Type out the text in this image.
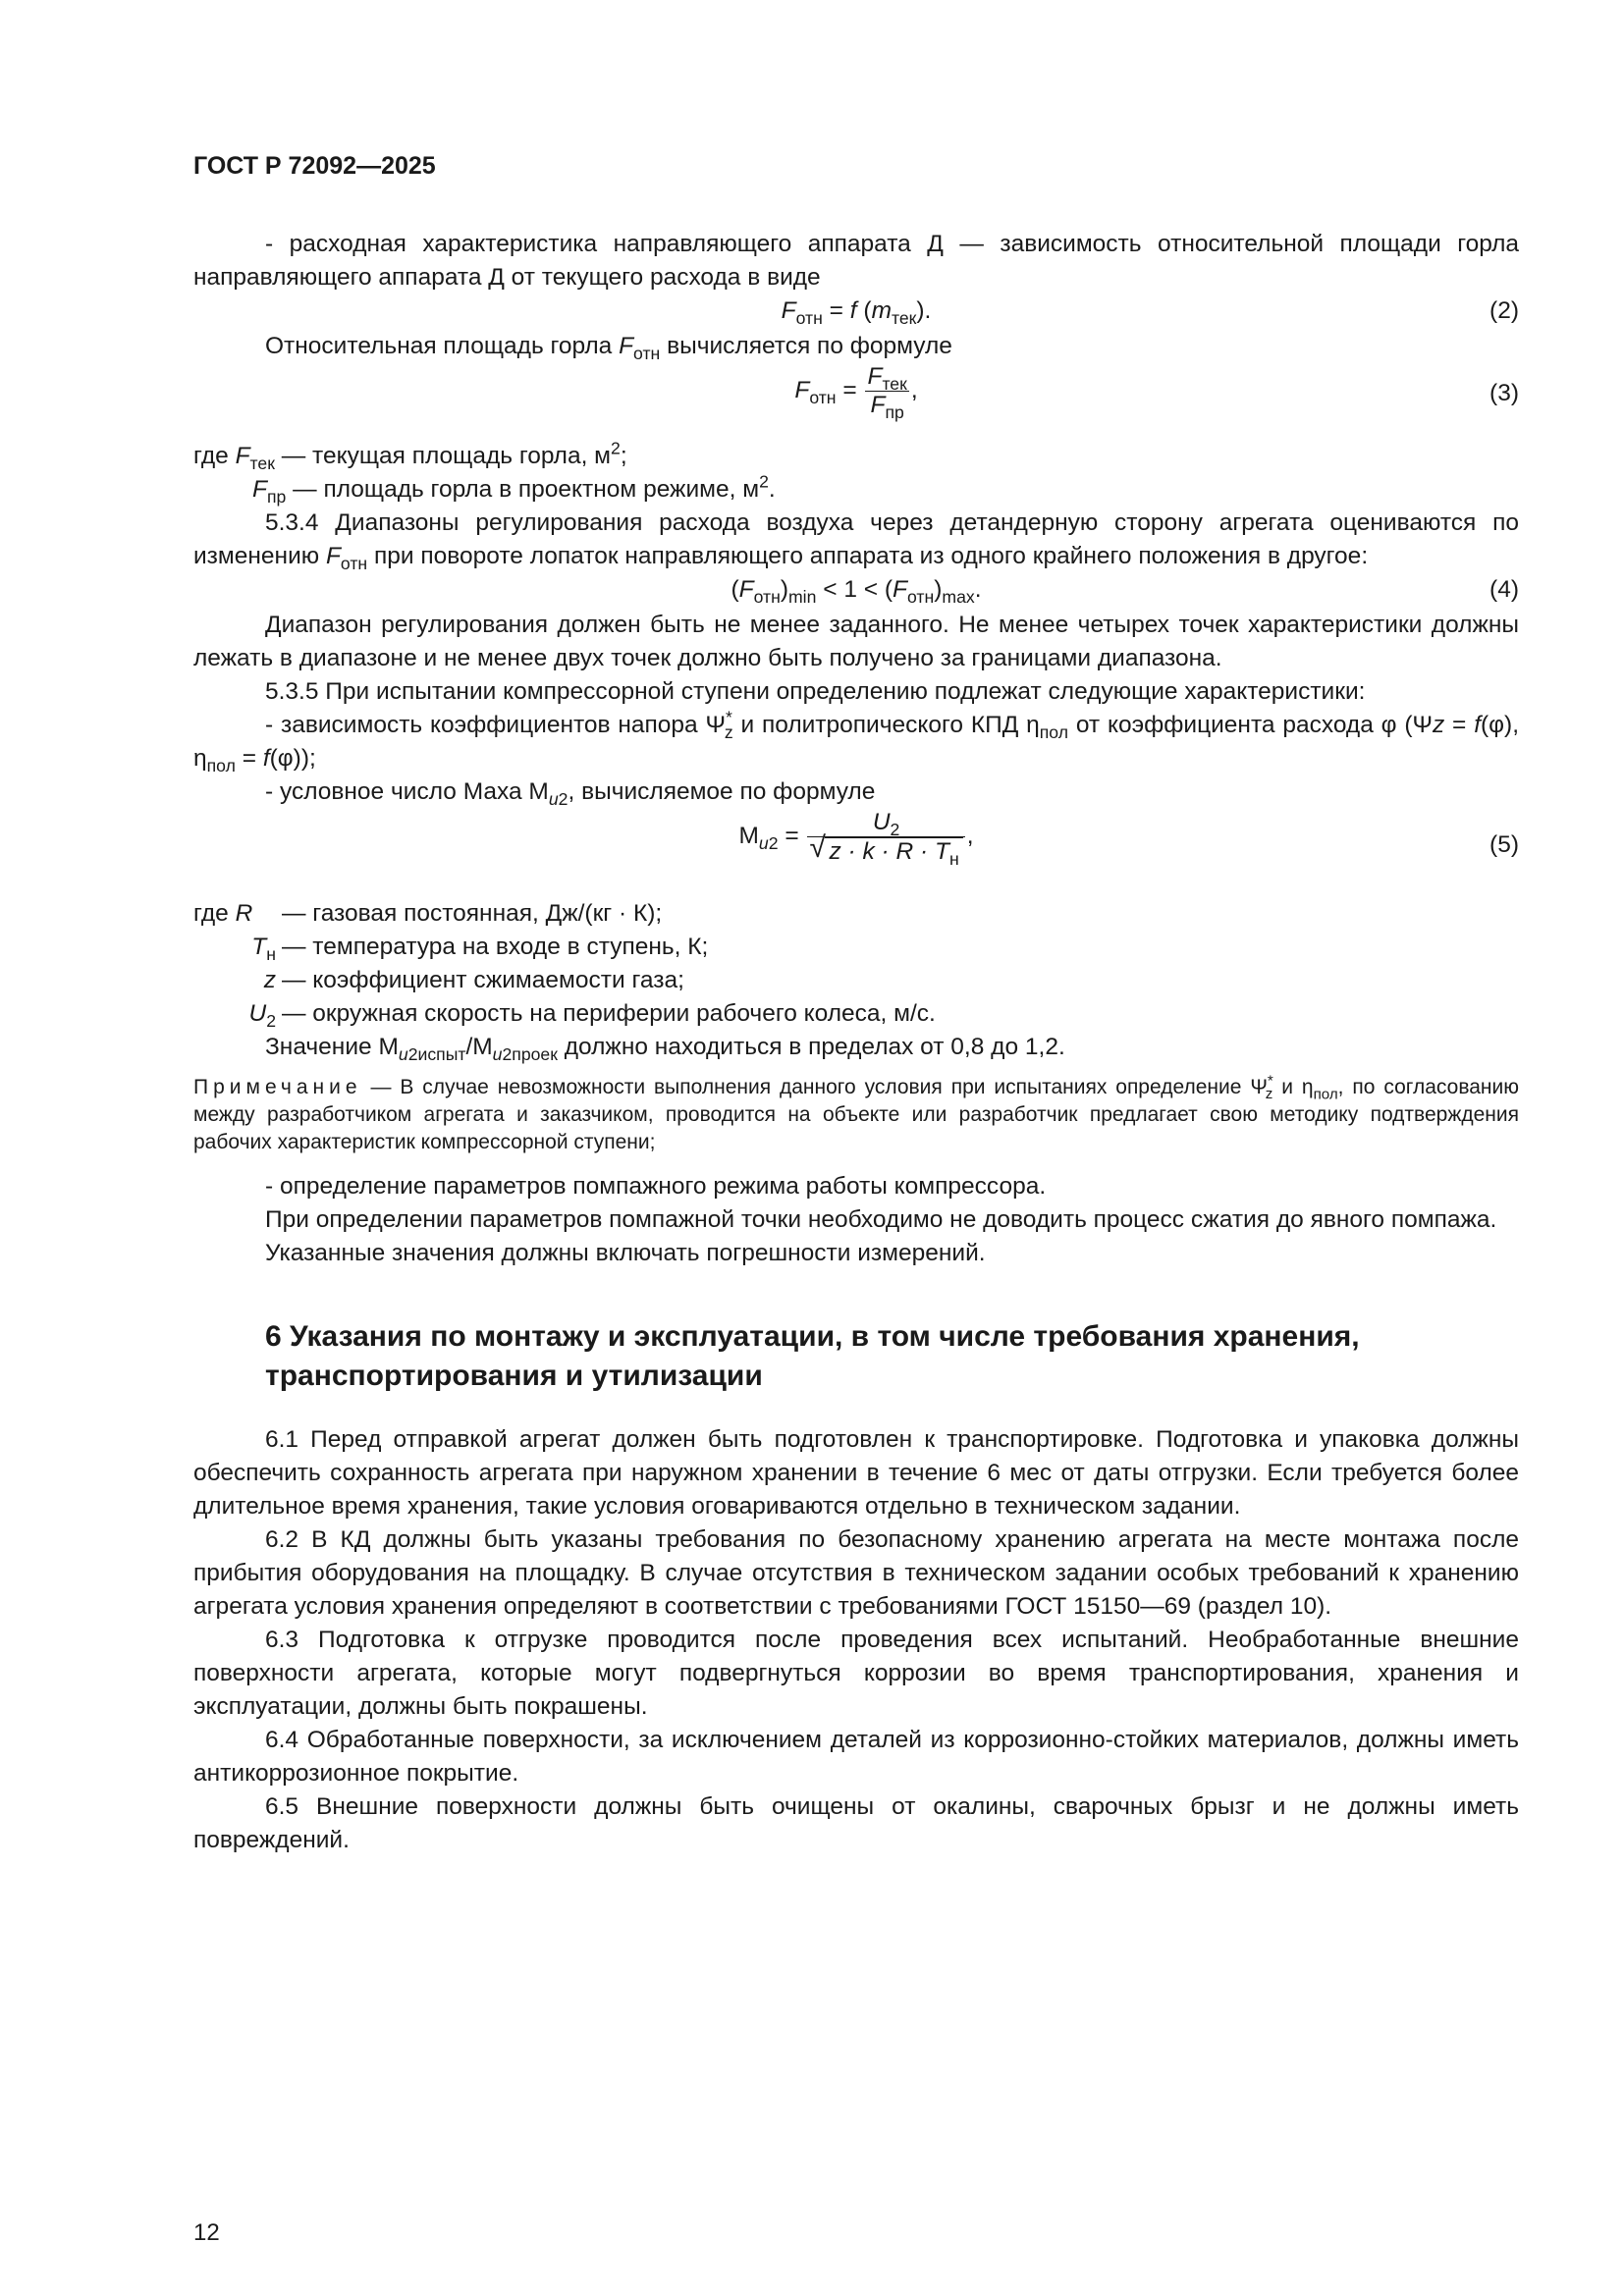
ГОСТ Р 72092—2025

- расходная характеристика направляющего аппарата Д — зависимость относительной площади горла направляющего аппарата Д от текущего расхода в виде

$F_{отн} = f$ $(m_{тек})$.	(2)

Относительная площадь горла $F_{отн}$ вычисляется по формуле

$F_{отн} = \frac{F_{тек}}{F_{пр}}$ ,	(3)

где $F_{тек}$ — текущая площадь горла, $м^2$;

$F_{пр}$ — площадь горла в проектном режиме, $м^2$.

5.3.4 Диапазоны регулирования расхода воздуха через детандерную сторону агрегата оцениваются по изменению $F_{отн}$ при повороте лопаток направляющего аппарата из одного крайнего положения в другое:

$(F_{отн})_{min} < 1 < (F_{отн})_{max}$.	(4)

Диапазон регулирования должен быть не менее заданного. Не менее четырех точек характеристики должны лежать в диапазоне и не менее двух точек должно быть получено за границами диапазона.

5.3.5 При испытании компрессорной ступени определению подлежат следующие характеристики:

- зависимость коэффициентов напора $\Psi^*_z$ и политропического КПД $\eta_{пол}$ от коэффициента расхода φ (Ψz = f(φ), $\eta_{пол} = f(\varphi)$);

- условное число Маха $М_{u2}$, вычисляемое по формуле

$М_{u2} = \frac{U_2}{√ z \cdot k \cdot R \cdot T_н}$ ,	(5)
где R	— газовая постоянная, Дж/(кг · К);
$T_н$ — температура на входе в ступень, К;
z — коэффициент сжимаемости газа;
$U_2$ — окружная скорость на периферии рабочего колеса, м/с.

Значение $М_{u2испыт}/М_{u2проек}$ должно находиться в пределах от 0,8 до 1,2.

Примечание — В случае невозможности выполнения данного условия при испытаниях определение $\Psi^*_z$ и $\eta_{пол}$, по согласованию между разработчиком агрегата и заказчиком, проводится на объекте или разработчик предлагает свою методику подтверждения рабочих характеристик компрессорной ступени;

- определение параметров помпажного режима работы компрессора.

При определении параметров помпажной точки необходимо не доводить процесс сжатия до явного помпажа.

Указанные значения должны включать погрешности измерений.

6 Указания по монтажу и эксплуатации, в том числе требования хранения, транспортирования и утилизации

6.1 Перед отправкой агрегат должен быть подготовлен к транспортировке. Подготовка и упаковка должны обеспечить сохранность агрегата при наружном хранении в течение 6 мес от даты отгрузки. Если требуется более длительное время хранения, такие условия оговариваются отдельно в техническом задании.

6.2 В КД должны быть указаны требования по безопасному хранению агрегата на месте монтажа после прибытия оборудования на площадку. В случае отсутствия в техническом задании особых требований к хранению агрегата условия хранения определяют в соответствии с требованиями ГОСТ 15150—69 (раздел 10).

6.3 Подготовка к отгрузке проводится после проведения всех испытаний. Необработанные внешние поверхности агрегата, которые могут подвергнуться коррозии во время транспортирования, хранения и эксплуатации, должны быть покрашены.

6.4 Обработанные поверхности, за исключением деталей из коррозионно-стойких материалов, должны иметь антикоррозионное покрытие.

6.5 Внешние поверхности должны быть очищены от окалины, сварочных брызг и не должны иметь повреждений.

12
